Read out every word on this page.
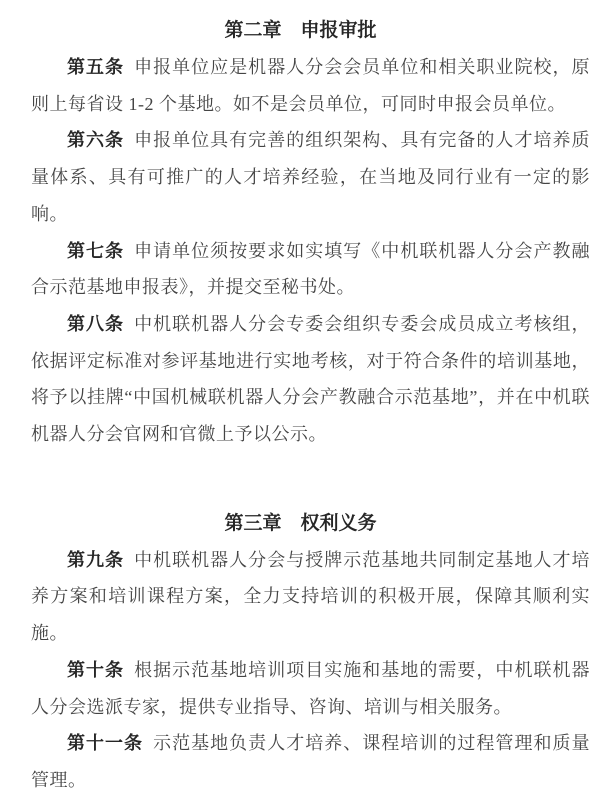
第二章　申报审批

第五条 申报单位应是机器人分会会员单位和相关职业院校，原则上每省设 1-2 个基地。如不是会员单位，可同时申报会员单位。

第六条 申报单位具有完善的组织架构、具有完备的人才培养质量体系、具有可推广的人才培养经验，在当地及同行业有一定的影响。

第七条 申请单位须按要求如实填写《中机联机器人分会产教融合示范基地申报表》，并提交至秘书处。

第八条 中机联机器人分会专委会组织专委会成员成立考核组，依据评定标准对参评基地进行实地考核，对于符合条件的培训基地，将予以挂牌“中国机械联机器人分会产教融合示范基地”，并在中机联机器人分会官网和官微上予以公示。

第三章　权利义务

第九条 中机联机器人分会与授牌示范基地共同制定基地人才培养方案和培训课程方案，全力支持培训的积极开展，保障其顺利实施。

第十条 根据示范基地培训项目实施和基地的需要，中机联机器人分会选派专家，提供专业指导、咨询、培训与相关服务。

第十一条 示范基地负责人才培养、课程培训的过程管理和质量管理。
